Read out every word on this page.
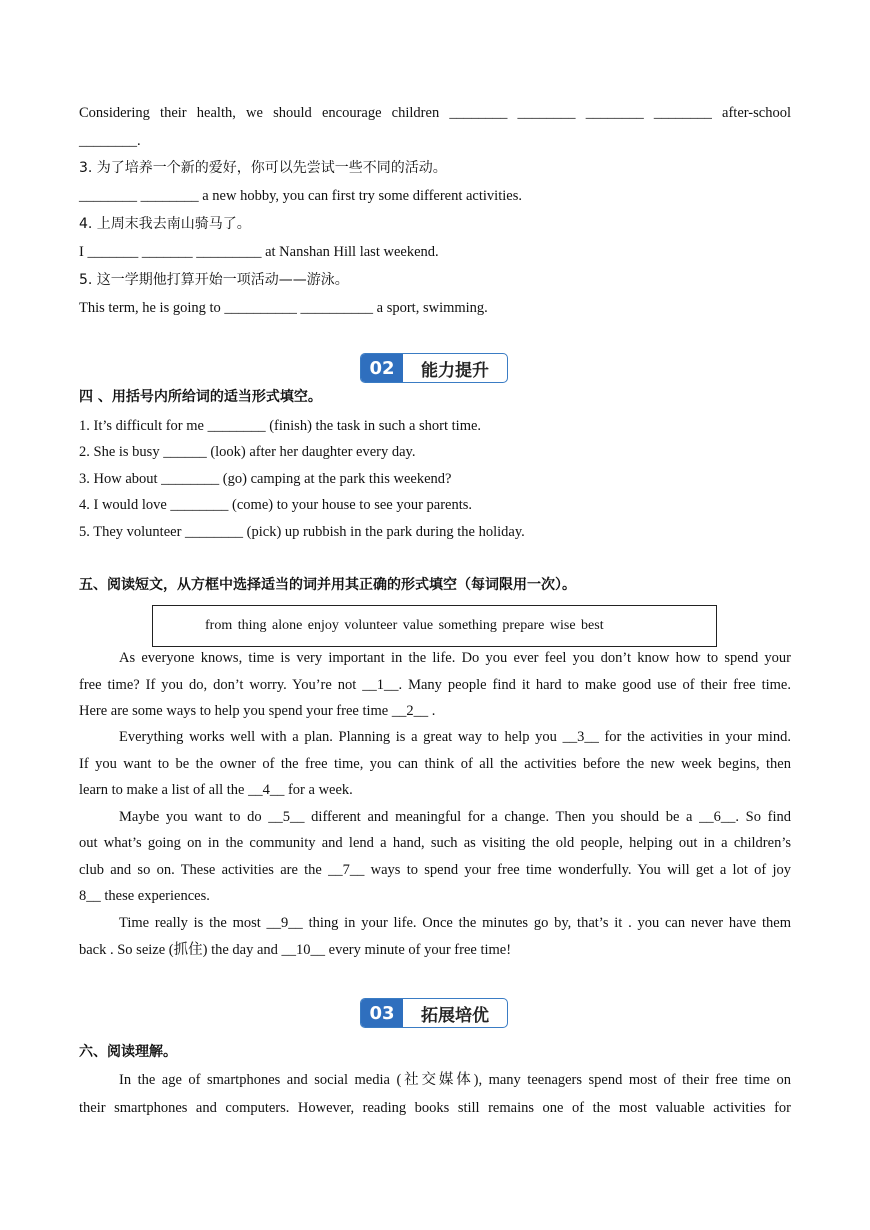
Considering their health, we should encourage children ________ ________ ________ ________ after-school
________.
3. 为了培养一个新的爱好，你可以先尝试一些不同的活动。
________ ________ a new hobby, you can first try some different activities.
4. 上周末我去南山骑马了。
I _______ _______ _________ at Nanshan Hill last weekend.
5. 这一学期他打算开始一项活动——游泳。
This term, he is going to __________ __________ a sport, swimming.
02	能力提升
四 、用括号内所给词的适当形式填空。
1. It’s difficult for me ________ (finish) the task in such a short time.
2. She is busy ______ (look) after her daughter every day.
3. How about ________ (go) camping at the park this weekend?
4. I would love ________ (come) to your house to see your parents.
5. They volunteer ________ (pick) up rubbish in the park during the holiday.
五、阅读短文，从方框中选择适当的词并用其正确的形式填空（每词限用一次）。
from thing alone enjoy volunteer value something prepare wise best
As everyone knows, time is very important in the life. Do you ever feel you don’t know how to spend your
free time? If you do, don’t worry. You’re not __1__. Many people find it hard to make good use of their free time.
Here are some ways to help you spend your free time __2__ .
Everything works well with a plan. Planning is a great way to help you __3__ for the activities in your mind.
If you want to be the owner of the free time, you can think of all the activities before the new week begins, then
learn to make a list of all the __4__ for a week.
Maybe you want to do __5__ different and meaningful for a change. Then you should be a __6__. So find
out what’s going on in the community and lend a hand, such as visiting the old people, helping out in a children’s
club and so on. These activities are the __7__ ways to spend your free time wonderfully. You will get a lot of joy
8__ these experiences.
Time really is the most __9__ thing in your life. Once the minutes go by, that’s it . you can never have them
back . So seize (抓住) the day and __10__ every minute of your free time!
03	拓展培优
六、阅读理解。
In the age of smartphones and social media (社交媒体), many teenagers spend most of their free time on
their smartphones and computers. However, reading books still remains one of the most valuable activities for
